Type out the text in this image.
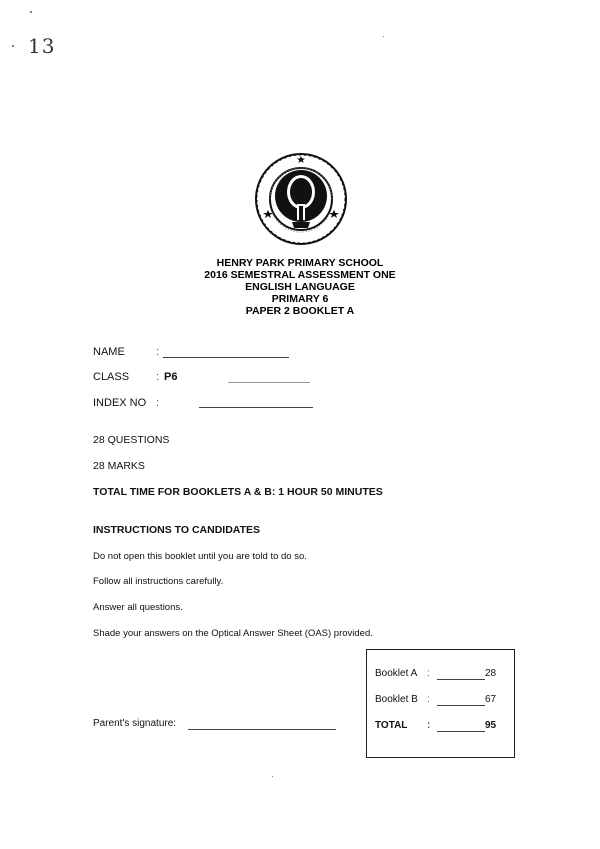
13
HENRY PARK PRIMARY SCHOOL
2016 SEMESTRAL ASSESSMENT ONE
ENGLISH LANGUAGE
PRIMARY 6
PAPER 2 BOOKLET A
NAME	:
CLASS : P6
INDEX NO :
28 QUESTIONS
28 MARKS
TOTAL TIME FOR BOOKLETS A & B: 1 HOUR 50 MINUTES
INSTRUCTIONS TO CANDIDATES
Do not open this booklet until you are told to do so.
Follow all instructions carefully.
Answer all questions.
Shade your answers on the Optical Answer Sheet (OAS) provided.
Parent's signature:
Booklet A :	28
Booklet B :	67
TOTAL :	95
